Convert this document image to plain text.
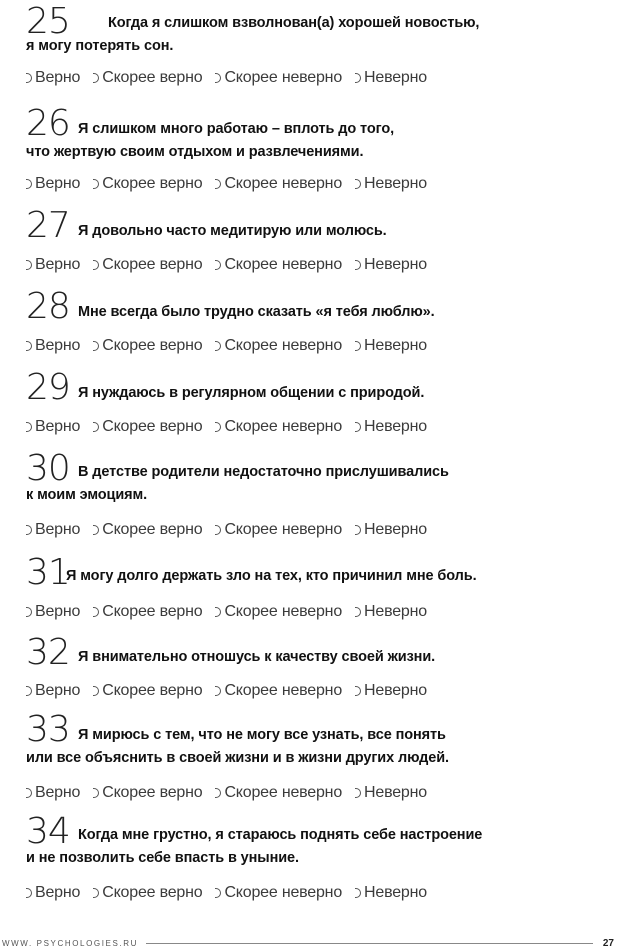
25	Когда я слишком взволнован(а) хорошей новостью,
я могу потерять сон.
Верно Скорее верно Скорее неверно Неверно
26 Я слишком много работаю – вплоть до того,
что жертвую своим отдыхом и развлечениями.
Верно Скорее верно Скорее неверно Неверно
27 Я довольно часто медитирую или молюсь.
Верно Скорее верно Скорее неверно Неверно
28 Мне всегда было трудно сказать «я тебя люблю».
Верно Скорее верно Скорее неверно Неверно
29 Я нуждаюсь в регулярном общении с природой.
Верно Скорее верно Скорее неверно Неверно
30 В детстве родители недостаточно прислушивались
к моим эмоциям.
Верно Скорее верно Скорее неверно Неверно
31
Я могу долго держать зло на тех, кто причинил мне боль.
Верно Скорее верно Скорее неверно Неверно
32 Я внимательно отношусь к качеству своей жизни.
Верно Скорее верно Скорее неверно Неверно
33 Я мирюсь с тем, что не могу все узнать, все понять
или все объяснить в своей жизни и в жизни других людей.
Верно Скорее верно Скорее неверно Неверно
34 Когда мне грустно, я стараюсь поднять себе настроение
и не позволить себе впасть в уныние.
Верно Скорее верно Скорее неверно Неверно
WWW. PSYCHOLOGIES.RU	27
